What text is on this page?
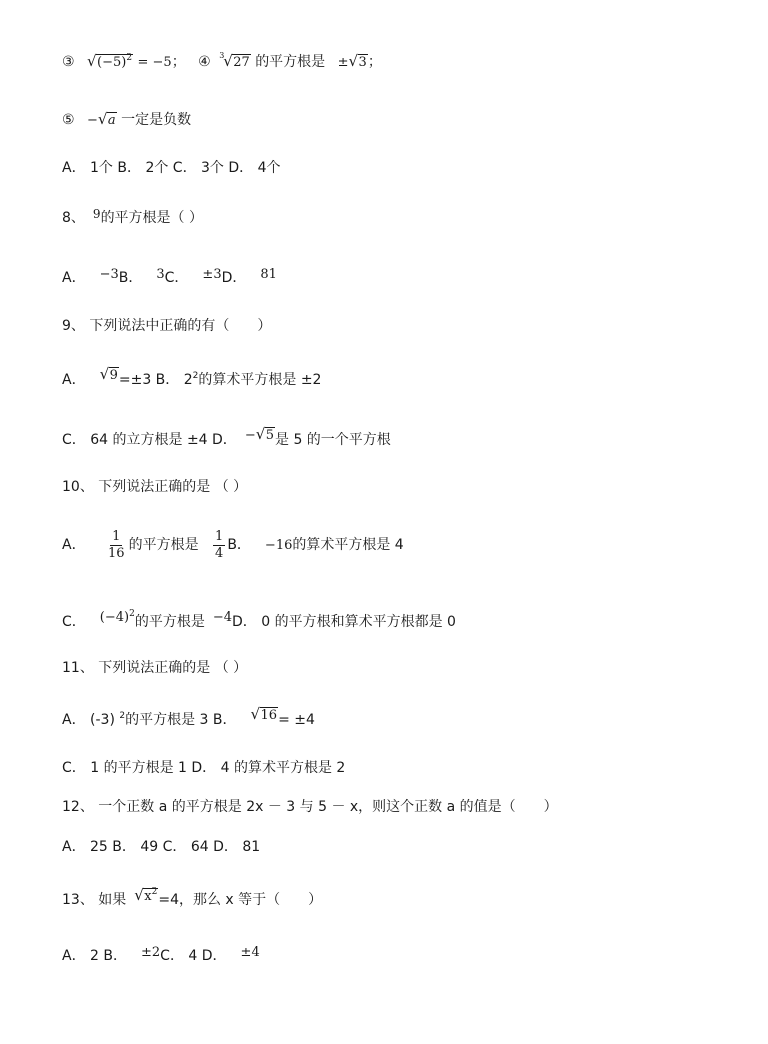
③ √ $(-5)^2 = -5$； ④ 3
√ 27 的平方根是 ± √ 3；
⑤ − √ a 一定是负数
A． 1个 B． 2个 C． 3个 D． 4个
8、 9的平方根是（ ）
A． −3B． 3C． ±3D． 81
9、 下列说法中正确的有（　　）
A． √ 9=±3 B． $2^2$的算术平方根是 ±2
C． 64 的立方根是 ±4 D． − √ 5是 5 的一个平方根
10、 下列说法正确的是 （ ）
A． $\frac{1}{16}$ 的平方根是 $\frac{1}{4}$ B． −16的算术平方根是 4
C． $(-4)^2$的平方根是 −4D． 0 的平方根和算术平方根都是 0
11、 下列说法正确的是 （ ）
A． (-3) $^2$的平方根是 3 B． √ 16= ±4
C． 1 的平方根是 1 D． 4 的算术平方根是 2
12、 一个正数 a 的平方根是 2x － 3 与 5 － x，则这个正数 a 的值是（　　）
A． 25 B． 49 C． 64 D． 81
13、 如果 √ $x^2=4$，那么 x 等于（　　）
A． 2 B． ±2C． 4 D． ±4
